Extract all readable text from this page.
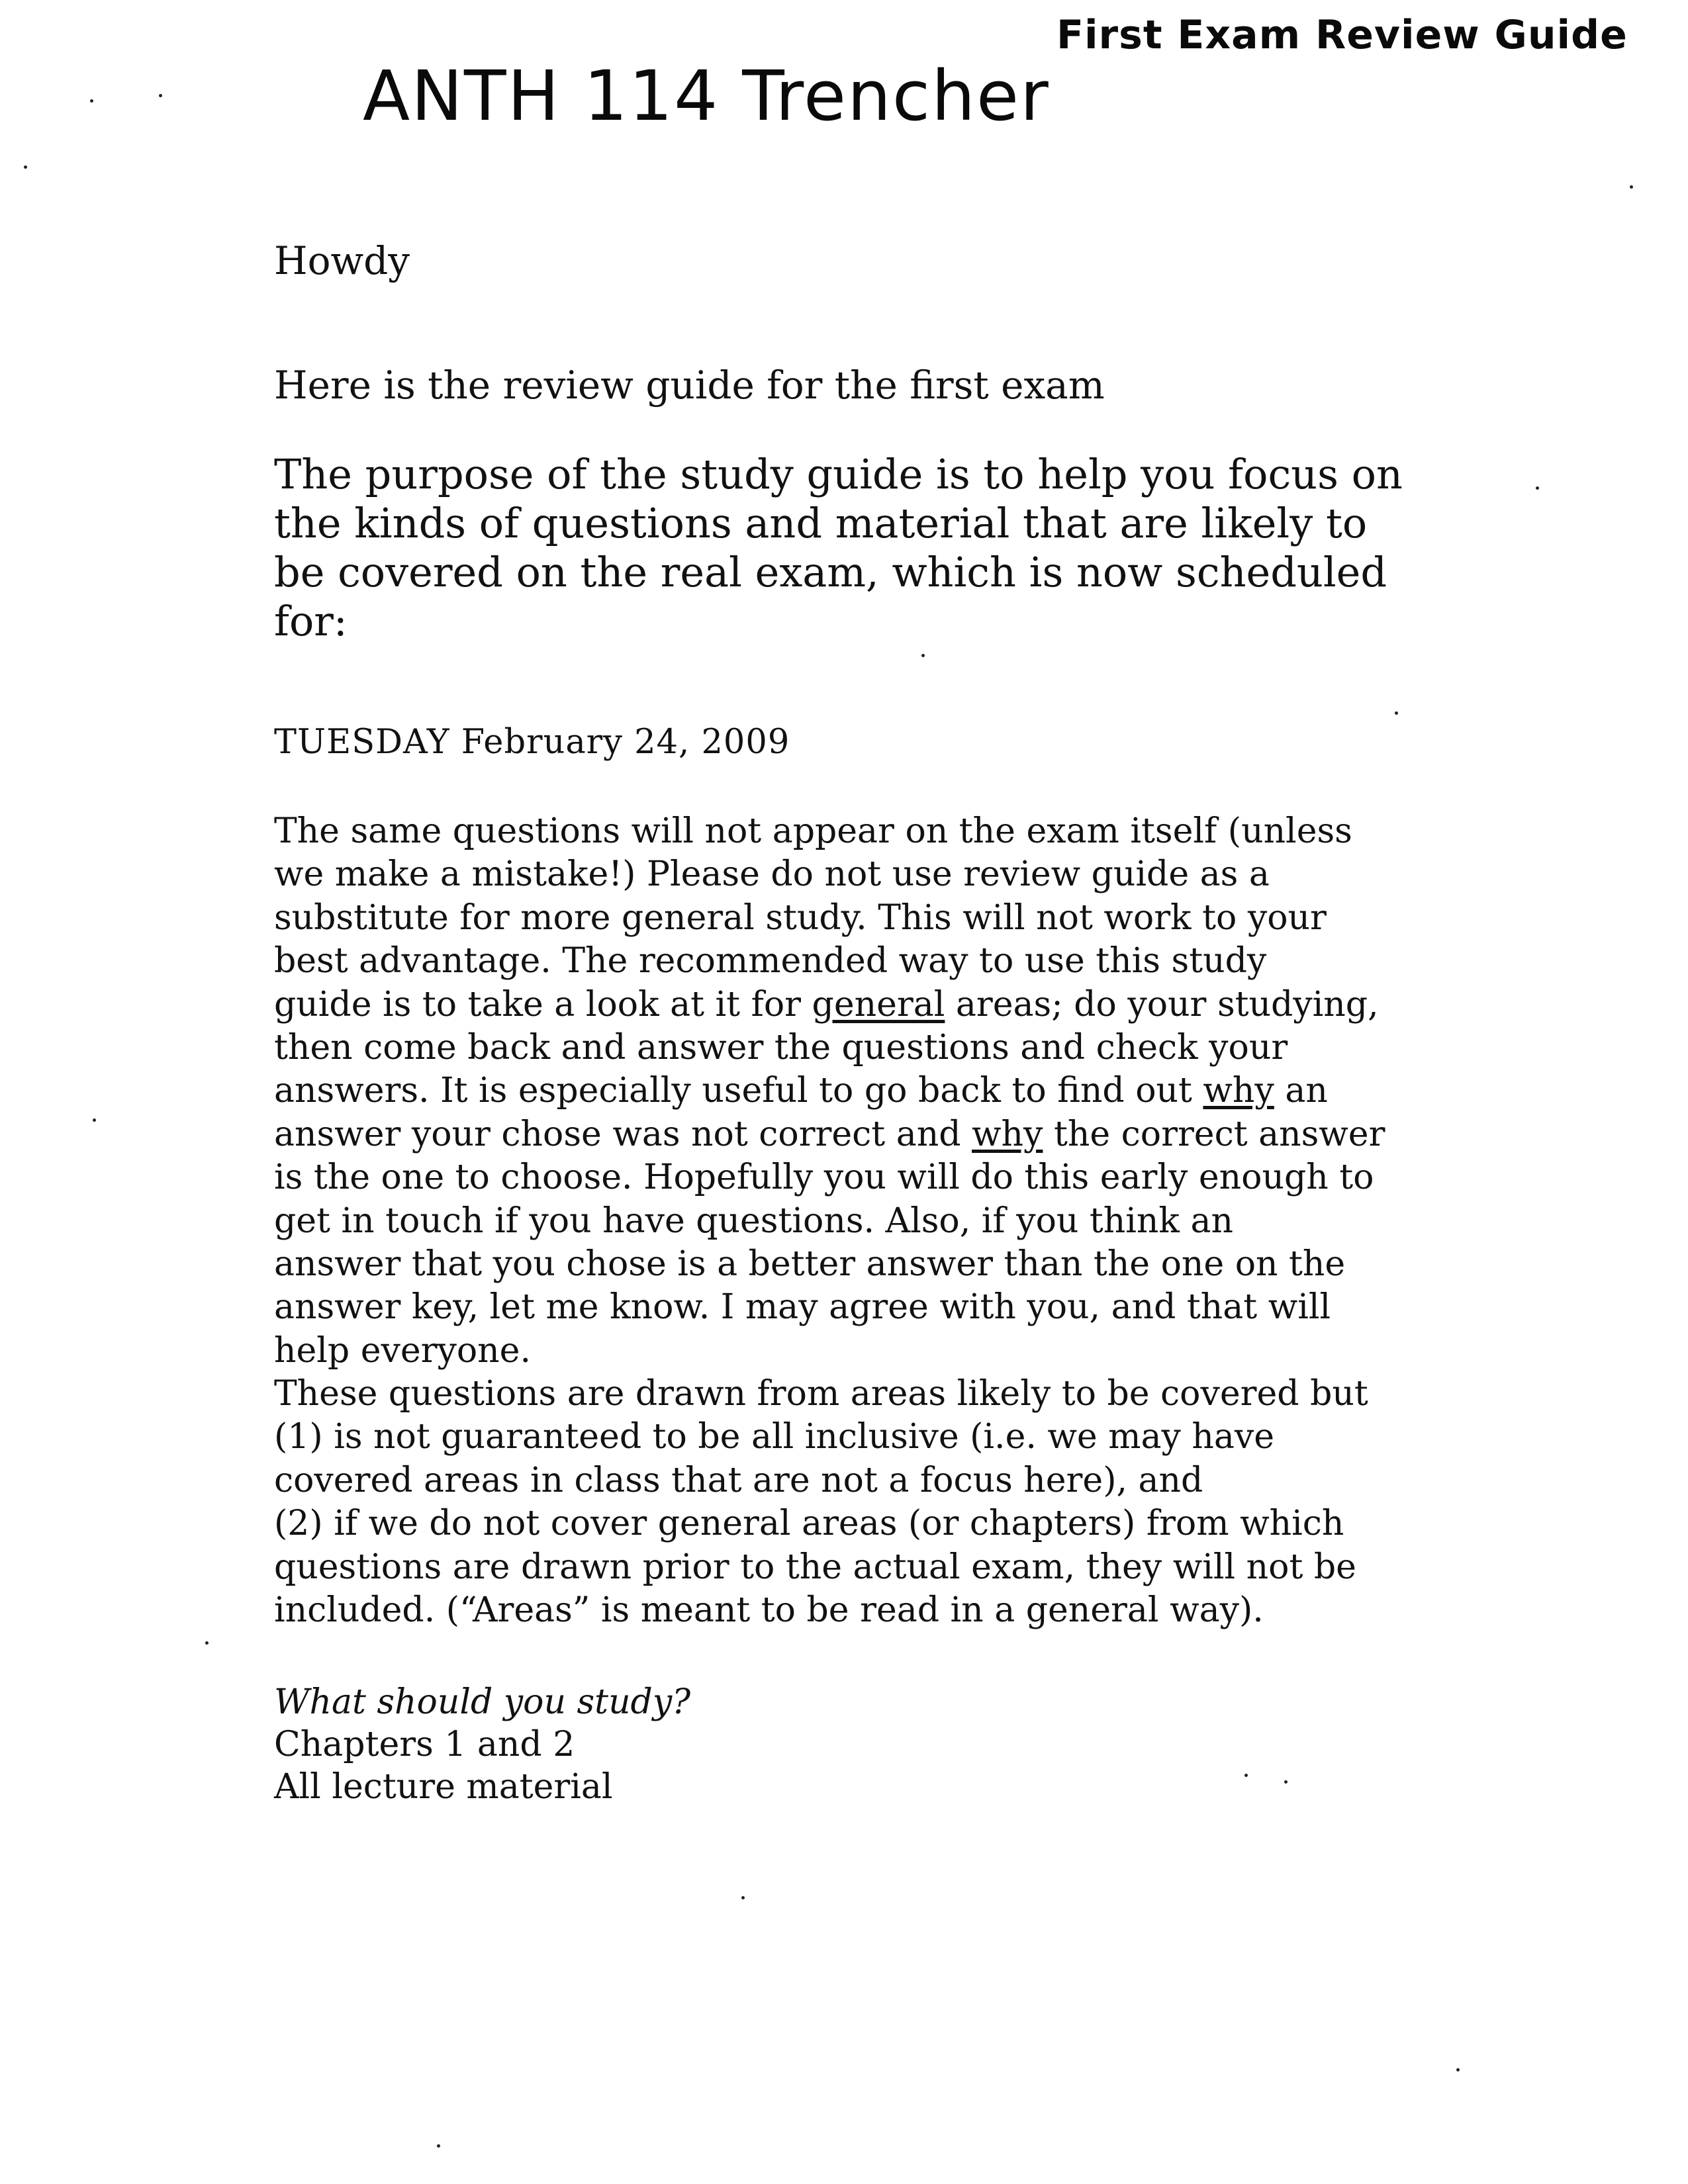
ANTH 114 Trencher
First Exam Review Guide
Howdy
Here is the review guide for the first exam
The purpose of the study guide is to help you focus on
the kinds of questions and material that are likely to
be covered on the real exam, which is now scheduled
for:
TUESDAY February 24, 2009
The same questions will not appear on the exam itself (unless
we make a mistake!) Please do not use review guide as a
substitute for more general study. This will not work to your
best advantage. The recommended way to use this study
guide is to take a look at it for general areas; do your studying,
then come back and answer the questions and check your
answers. It is especially useful to go back to find out why an
answer your chose was not correct and why the correct answer
is the one to choose. Hopefully you will do this early enough to
get in touch if you have questions. Also, if you think an
answer that you chose is a better answer than the one on the
answer key, let me know. I may agree with you, and that will
help everyone.
These questions are drawn from areas likely to be covered but
(1) is not guaranteed to be all inclusive (i.e. we may have
covered areas in class that are not a focus here), and
(2) if we do not cover general areas (or chapters) from which
questions are drawn prior to the actual exam, they will not be
included. (“Areas” is meant to be read in a general way).
What should you study?
Chapters 1 and 2
All lecture material
